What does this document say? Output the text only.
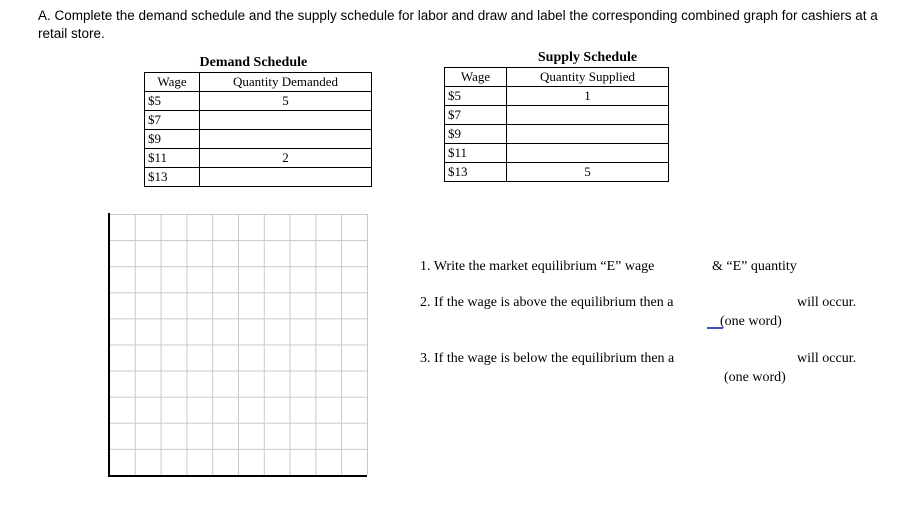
A. Complete the demand schedule and the supply schedule for labor and draw and label the corresponding combined graph for cashiers at a retail store.
	Demand Schedule
Wage	Quantity Demanded
$5	5
$7	
$9	
$11	2
$13	
	Supply Schedule
Wage	Quantity Supplied
$5	1
$7	
$9	
$11	
$13	5
1. Write the market equilibrium “E” wage	& “E” quantity
2. If the wage is above the equilibrium then a	will occur.
(one word)
3. If the wage is below the equilibrium then a	will occur.
(one word)
